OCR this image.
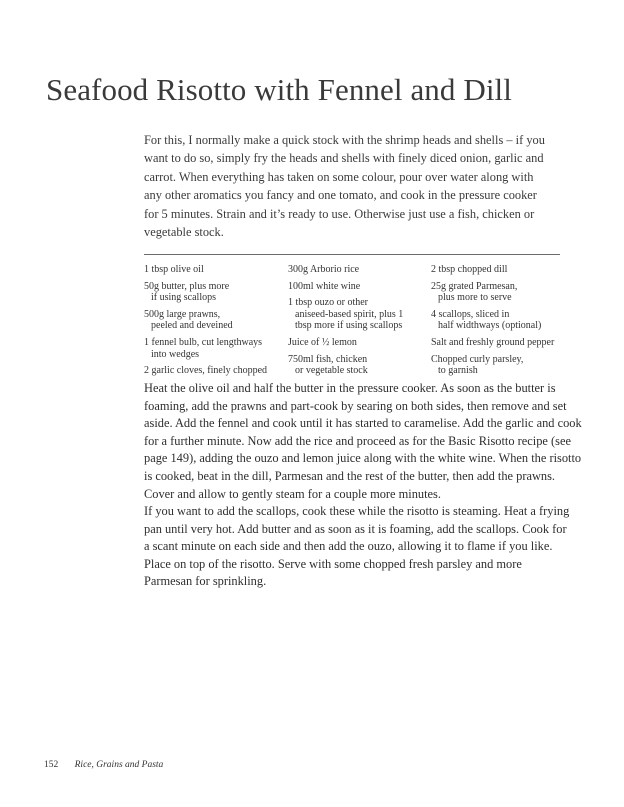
Seafood Risotto with Fennel and Dill
For this, I normally make a quick stock with the shrimp heads and shells – if you
want to do so, simply fry the heads and shells with finely diced onion, garlic and
carrot. When everything has taken on some colour, pour over water along with
any other aromatics you fancy and one tomato, and cook in the pressure cooker
for 5 minutes. Strain and it’s ready to use. Otherwise just use a fish, chicken or
vegetable stock.
1 tbsp olive oil
50g butter, plus more
if using scallops
500g large prawns,
peeled and deveined
1 fennel bulb, cut lengthways
into wedges
2 garlic cloves, finely chopped
300g Arborio rice
100ml white wine
1 tbsp ouzo or other
aniseed-based spirit, plus 1
tbsp more if using scallops
Juice of ½ lemon
750ml fish, chicken
or vegetable stock
2 tbsp chopped dill
25g grated Parmesan,
plus more to serve
4 scallops, sliced in
half widthways (optional)
Salt and freshly ground pepper
Chopped curly parsley,
to garnish
Heat the olive oil and half the butter in the pressure cooker. As soon as the butter is
foaming, add the prawns and part-cook by searing on both sides, then remove and set
aside. Add the fennel and cook until it has started to caramelise. Add the garlic and cook
for a further minute. Now add the rice and proceed as for the Basic Risotto recipe (see
page 149), adding the ouzo and lemon juice along with the white wine. When the risotto
is cooked, beat in the dill, Parmesan and the rest of the butter, then add the prawns.
Cover and allow to gently steam for a couple more minutes.
If you want to add the scallops, cook these while the risotto is steaming. Heat a frying
pan until very hot. Add butter and as soon as it is foaming, add the scallops. Cook for
a scant minute on each side and then add the ouzo, allowing it to flame if you like.
Place on top of the risotto. Serve with some chopped fresh parsley and more
Parmesan for sprinkling.
152 Rice, Grains and Pasta
